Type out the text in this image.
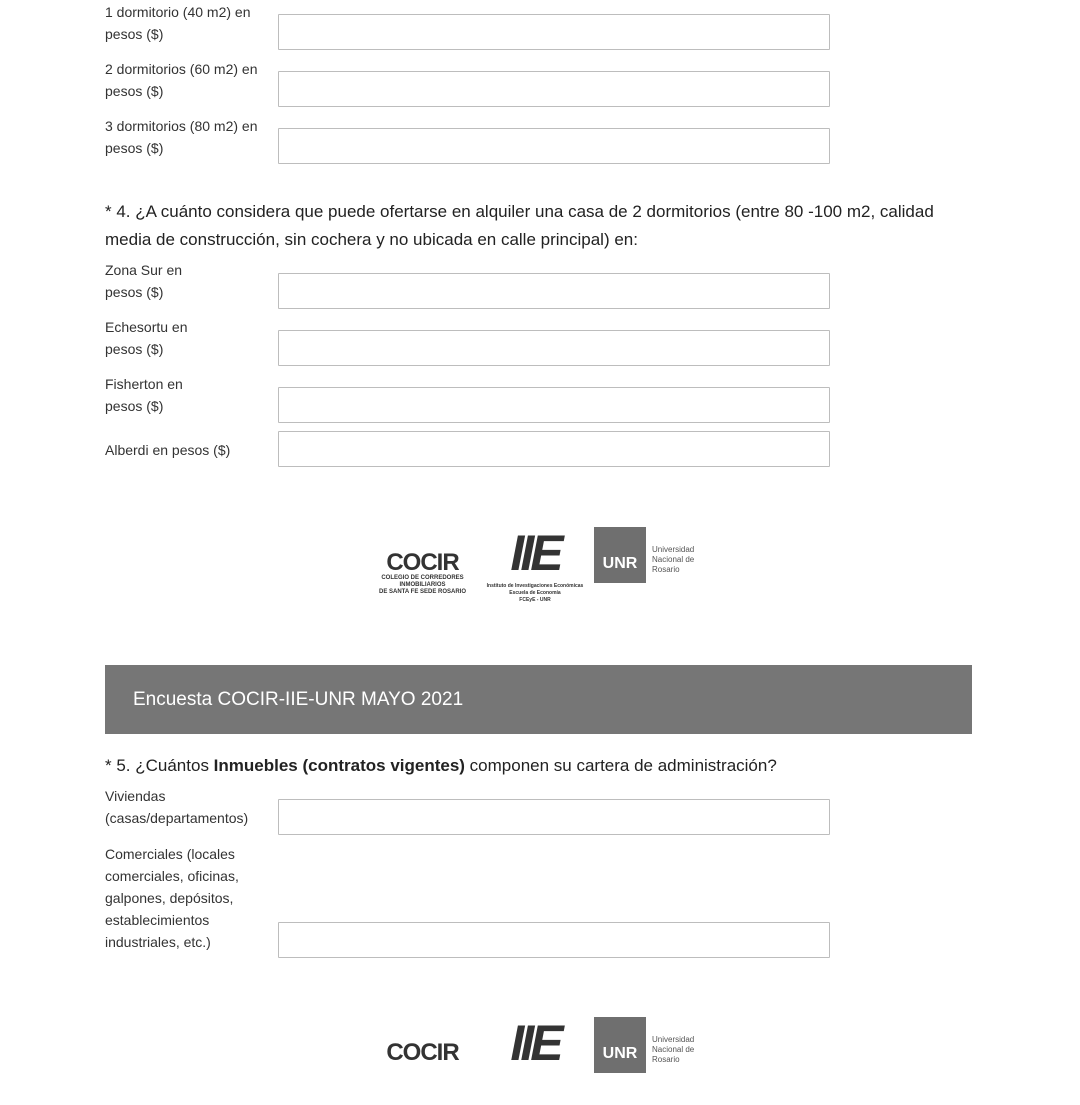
1 dormitorio (40 m2) en pesos ($)
2 dormitorios (60 m2) en pesos ($)
3 dormitorios (80 m2) en pesos ($)
* 4. ¿A cuánto considera que puede ofertarse en alquiler una casa de 2 dormitorios (entre 80 -100 m2, calidad media de construcción, sin cochera y no ubicada en calle principal) en:
Zona Sur en pesos ($)
Echesortu en pesos ($)
Fisherton en pesos ($)
Alberdi en pesos ($)
COCIR
COLEGIO DE CORREDORES INMOBILIARIOS
DE SANTA FE SEDE ROSARIO
IIE
Instituto de Investigaciones Económicas
Escuela de Economía
FCEyE - UNR
UNR
Universidad Nacional de Rosario
Encuesta COCIR-IIE-UNR MAYO 2021
* 5. ¿Cuántos Inmuebles (contratos vigentes) componen su cartera de administración?
Viviendas (casas/departamentos)
Comerciales (locales comerciales, oficinas, galpones, depósitos, establecimientos industriales, etc.)
COCIR	IIE	UNR
Universidad Nacional de Rosario
